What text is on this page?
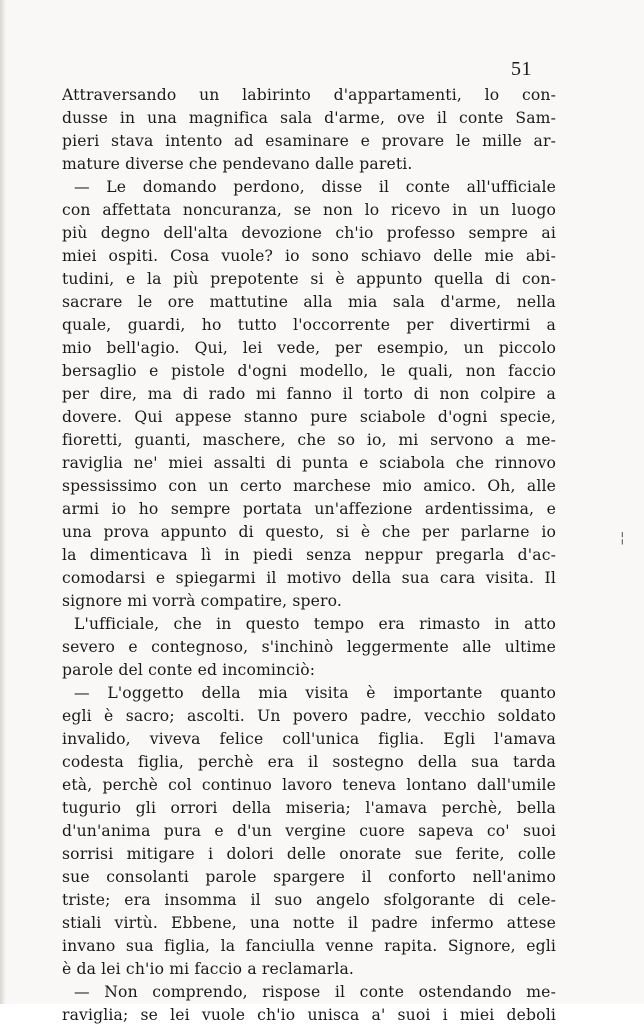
51
Attraversando un labirinto d'appartamenti, lo con-
dusse in una magnifica sala d'arme, ove il conte Sam-
pieri stava intento ad esaminare e provare le mille ar-
mature diverse che pendevano dalle pareti.
— Le domando perdono, disse il conte all'ufficiale
con affettata noncuranza, se non lo ricevo in un luogo
più degno dell'alta devozione ch'io professo sempre ai
miei ospiti. Cosa vuole? io sono schiavo delle mie abi-
tudini, e la più prepotente si è appunto quella di con-
sacrare le ore mattutine alla mia sala d'arme, nella
quale, guardi, ho tutto l'occorrente per divertirmi a
mio bell'agio. Qui, lei vede, per esempio, un piccolo
bersaglio e pistole d'ogni modello, le quali, non faccio
per dire, ma di rado mi fanno il torto di non colpire a
dovere. Qui appese stanno pure sciabole d'ogni specie,
fioretti, guanti, maschere, che so io, mi servono a me-
raviglia ne' miei assalti di punta e sciabola che rinnovo
spessissimo con un certo marchese mio amico. Oh, alle
armi io ho sempre portata un'affezione ardentissima, e
una prova appunto di questo, si è che per parlarne io
la dimenticava lì in piedi senza neppur pregarla d'ac-
comodarsi e spiegarmi il motivo della sua cara visita. Il
signore mi vorrà compatire, spero.
L'ufficiale, che in questo tempo era rimasto in atto
severo e contegnoso, s'inchinò leggermente alle ultime
parole del conte ed incominciò:
— L'oggetto della mia visita è importante quanto
egli è sacro; ascolti. Un povero padre, vecchio soldato
invalido, viveva felice coll'unica figlia. Egli l'amava
codesta figlia, perchè era il sostegno della sua tarda
età, perchè col continuo lavoro teneva lontano dall'umile
tugurio gli orrori della miseria; l'amava perchè, bella
d'un'anima pura e d'un vergine cuore sapeva co' suoi
sorrisi mitigare i dolori delle onorate sue ferite, colle
sue consolanti parole spargere il conforto nell'animo
triste; era insomma il suo angelo sfolgorante di cele-
stiali virtù. Ebbene, una notte il padre infermo attese
invano sua figlia, la fanciulla venne rapita. Signore, egli
è da lei ch'io mi faccio a reclamarla.
— Non comprendo, rispose il conte ostendando me-
raviglia; se lei vuole ch'io unisca a' suoi i miei deboli
¦
